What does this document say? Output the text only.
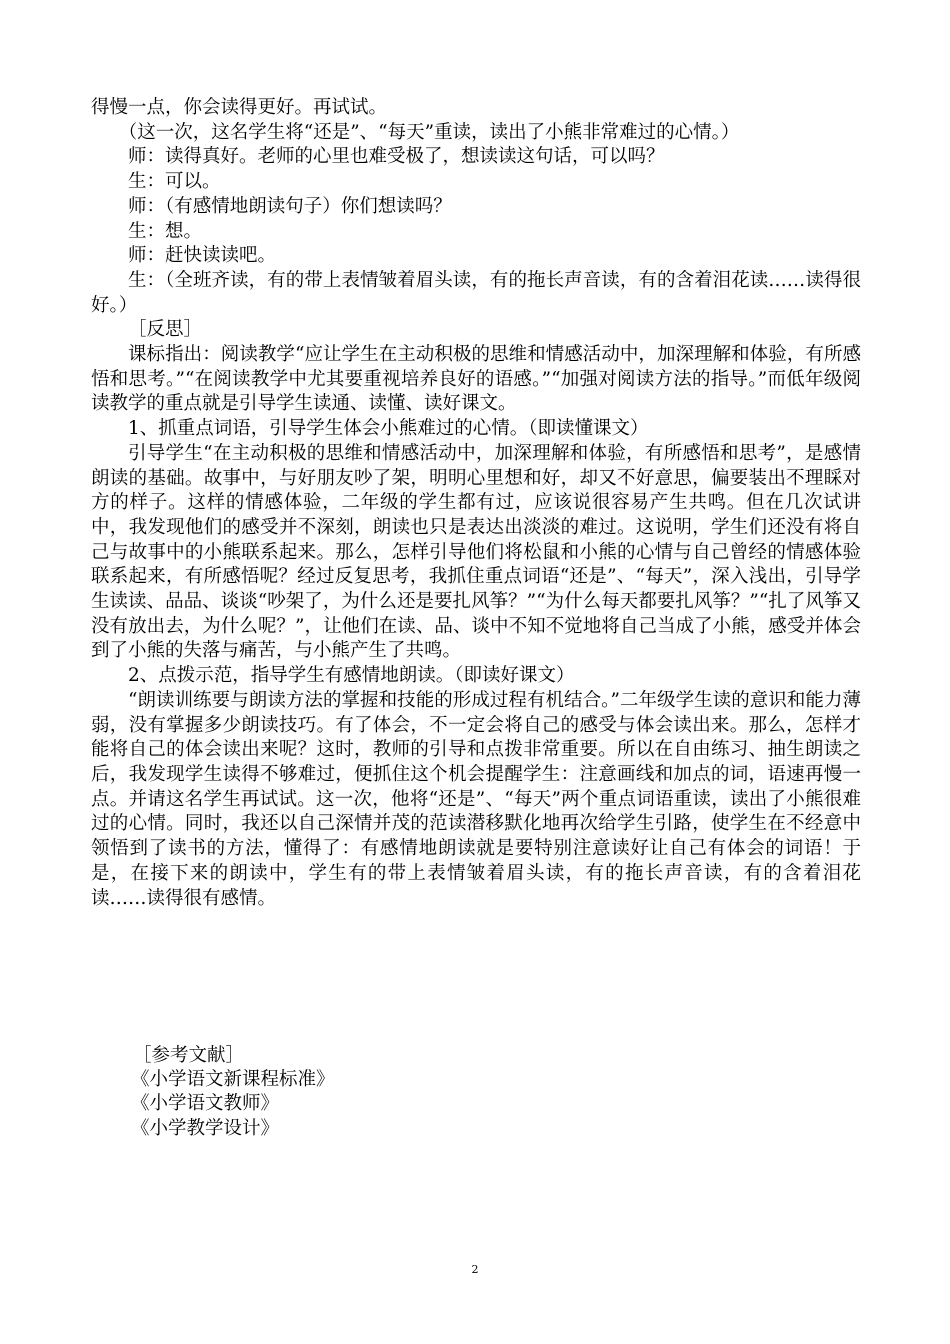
得慢一点，你会读得更好。再试试。

（这一次，这名学生将“还是”、“每天”重读，读出了小熊非常难过的心情。）

师：读得真好。老师的心里也难受极了，想读读这句话，可以吗？

生：可以。

师：（有感情地朗读句子）你们想读吗？

生：想。

师：赶快读读吧。

生：（全班齐读，有的带上表情皱着眉头读，有的拖长声音读，有的含着泪花读……读得很好。）

［反思］

课标指出：阅读教学“应让学生在主动积极的思维和情感活动中，加深理解和体验，有所感悟和思考。”“在阅读教学中尤其要重视培养良好的语感。”“加强对阅读方法的指导。”而低年级阅读教学的重点就是引导学生读通、读懂、读好课文。

1、抓重点词语，引导学生体会小熊难过的心情。（即读懂课文）

引导学生“在主动积极的思维和情感活动中，加深理解和体验，有所感悟和思考”，是感情朗读的基础。故事中，与好朋友吵了架，明明心里想和好，却又不好意思，偏要装出不理睬对方的样子。这样的情感体验，二年级的学生都有过，应该说很容易产生共鸣。但在几次试讲中，我发现他们的感受并不深刻，朗读也只是表达出淡淡的难过。这说明，学生们还没有将自己与故事中的小熊联系起来。那么，怎样引导他们将松鼠和小熊的心情与自己曾经的情感体验联系起来，有所感悟呢？经过反复思考，我抓住重点词语“还是”、“每天”，深入浅出，引导学生读读、品品、谈谈“吵架了，为什么还是要扎风筝？”“为什么每天都要扎风筝？”“扎了风筝又没有放出去，为什么呢？”，让他们在读、品、谈中不知不觉地将自己当成了小熊，感受并体会到了小熊的失落与痛苦，与小熊产生了共鸣。

2、点拨示范，指导学生有感情地朗读。（即读好课文）

“朗读训练要与朗读方法的掌握和技能的形成过程有机结合。”二年级学生读的意识和能力薄弱，没有掌握多少朗读技巧。有了体会，不一定会将自己的感受与体会读出来。那么，怎样才能将自己的体会读出来呢？这时，教师的引导和点拨非常重要。所以在自由练习、抽生朗读之后，我发现学生读得不够难过，便抓住这个机会提醒学生：注意画线和加点的词，语速再慢一点。并请这名学生再试试。这一次，他将“还是”、“每天”两个重点词语重读，读出了小熊很难过的心情。同时，我还以自己深情并茂的范读潜移默化地再次给学生引路，使学生在不经意中领悟到了读书的方法，懂得了：有感情地朗读就是要特别注意读好让自己有体会的词语！于是，在接下来的朗读中，学生有的带上表情皱着眉头读，有的拖长声音读，有的含着泪花读……读得很有感情。

［参考文献］

《小学语文新课程标准》

《小学语文教师》

《小学教学设计》

2
